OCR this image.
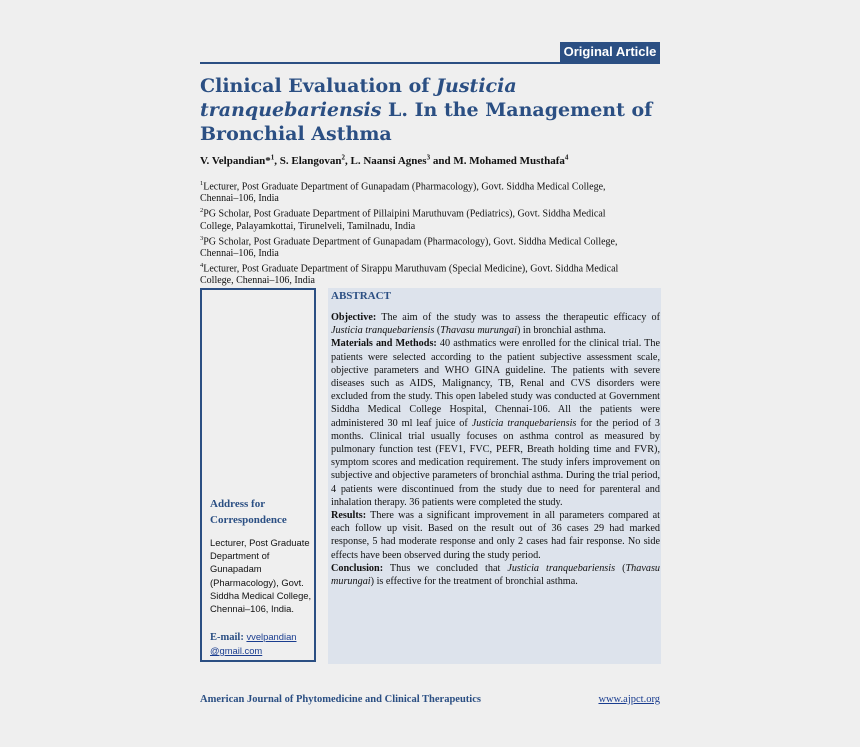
Original Article
Clinical Evaluation of Justicia tranquebariensis L. In the Management of Bronchial Asthma
V. Velpandian*$^1$, S. Elangovan$^2$, L. Naansi Agnes$^3$ and M. Mohamed Musthafa$^4$

$^1$Lecturer, Post Graduate Department of Gunapadam (Pharmacology), Govt. Siddha Medical College, Chennai–106, India

$^2$PG Scholar, Post Graduate Department of Pillaipini Maruthuvam (Pediatrics), Govt. Siddha Medical College, Palayamkottai, Tirunelveli, Tamilnadu, India

$^3$PG Scholar, Post Graduate Department of Gunapadam (Pharmacology), Govt. Siddha Medical College, Chennai–106, India

$^4$Lecturer, Post Graduate Department of Sirappu Maruthuvam (Special Medicine), Govt. Siddha Medical College, Chennai–106, India

Address for Correspondence
Lecturer, Post Graduate Department of Gunapadam (Pharmacology), Govt. Siddha Medical College, Chennai–106, India.
E-mail: vvelpandian @gmail.com
ABSTRACT

Objective: The aim of the study was to assess the therapeutic efficacy of Justicia tranquebariensis (Thavasu murungai) in bronchial asthma.

Materials and Methods: 40 asthmatics were enrolled for the clinical trial. The patients were selected according to the patient subjective assessment scale, objective parameters and WHO GINA guideline. The patients with severe diseases such as AIDS, Malignancy, TB, Renal and CVS disorders were excluded from the study. This open labeled study was conducted at Government Siddha Medical College Hospital, Chennai-106. All the patients were administered 30 ml leaf juice of Justicia tranquebariensis for the period of 3 months. Clinical trial usually focuses on asthma control as measured by pulmonary function test (FEV1, FVC, PEFR, Breath holding time and FVR), symptom scores and medication requirement. The study infers improvement on subjective and objective parameters of bronchial asthma. During the trial period, 4 patients were discontinued from the study due to need for parenteral and inhalation therapy. 36 patients were completed the study.

Results: There was a significant improvement in all parameters compared at each follow up visit. Based on the result out of 36 cases 29 had marked response, 5 had moderate response and only 2 cases had fair response. No side effects have been observed during the study period.

Conclusion: Thus we concluded that Justicia tranquebariensis (Thavasu murungai) is effective for the treatment of bronchial asthma.

American Journal of Phytomedicine and Clinical Therapeutics	www.ajpct.org
